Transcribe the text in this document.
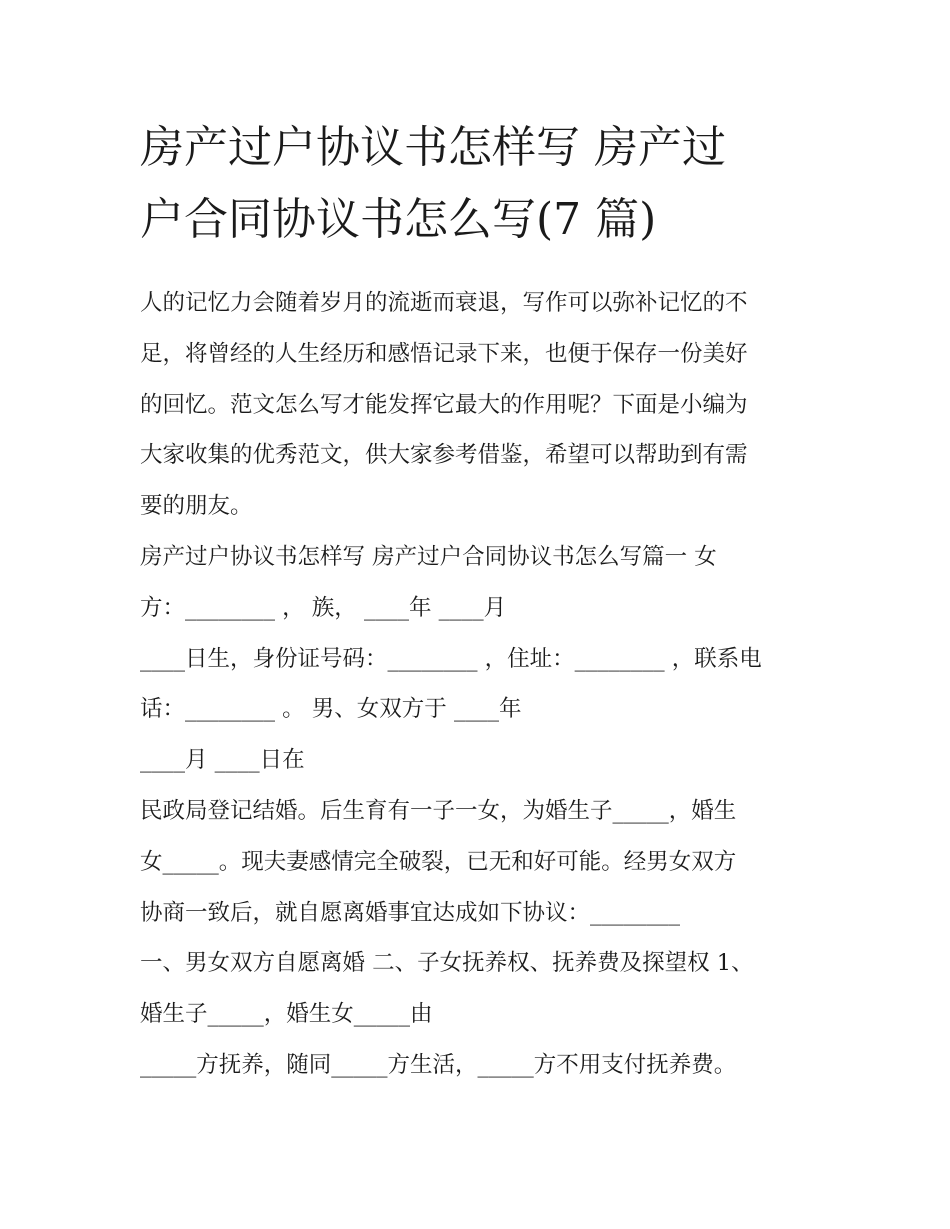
房产过户协议书怎样写 房产过
户合同协议书怎么写(7 篇)
人的记忆力会随着岁月的流逝而衰退，写作可以弥补记忆的不
足，将曾经的人生经历和感悟记录下来，也便于保存一份美好
的回忆。范文怎么写才能发挥它最大的作用呢？下面是小编为
大家收集的优秀范文，供大家参考借鉴，希望可以帮助到有需
要的朋友。
房产过户协议书怎样写 房产过户合同协议书怎么写篇一 女
方：________ ， 族， ____年 ____月
____日生，身份证号码：________ ，住址：________ ，联系电
话：________ 。 男、女双方于 ____年
____月 ____日在
民政局登记结婚。后生育有一子一女，为婚生子_____，婚生
女_____。现夫妻感情完全破裂，已无和好可能。经男女双方
协商一致后，就自愿离婚事宜达成如下协议：________
一、男女双方自愿离婚 二、子女抚养权、抚养费及探望权 1、
婚生子_____，婚生女_____由
_____方抚养，随同_____方生活，_____方不用支付抚养费。
